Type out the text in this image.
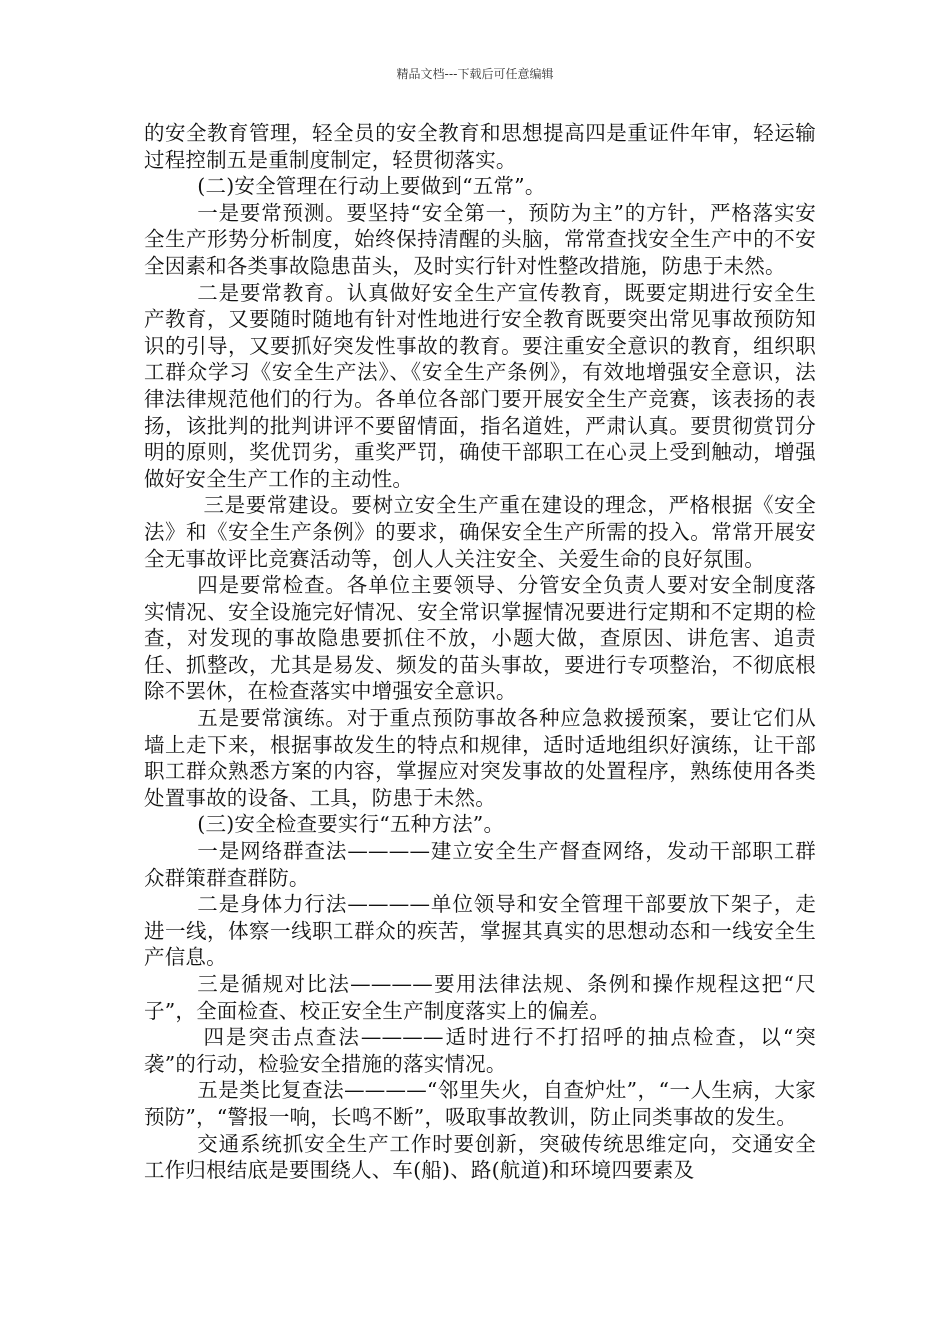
精品文档---下载后可任意编辑

的安全教育管理，轻全员的安全教育和思想提高四是重证件年审，轻运输过程控制五是重制度制定，轻贯彻落实。

(二)安全管理在行动上要做到“五常”。

一是要常预测。要坚持“安全第一，预防为主”的方针，严格落实安全生产形势分析制度，始终保持清醒的头脑，常常查找安全生产中的不安全因素和各类事故隐患苗头，及时实行针对性整改措施，防患于未然。

二是要常教育。认真做好安全生产宣传教育，既要定期进行安全生产教育，又要随时随地有针对性地进行安全教育既要突出常见事故预防知识的引导，又要抓好突发性事故的教育。要注重安全意识的教育，组织职工群众学习《安全生产法》、《安全生产条例》，有效地增强安全意识，法律法律规范他们的行为。各单位各部门要开展安全生产竞赛，该表扬的表扬，该批判的批判讲评不要留情面，指名道姓，严肃认真。要贯彻赏罚分明的原则，奖优罚劣，重奖严罚，确使干部职工在心灵上受到触动，增强做好安全生产工作的主动性。

三是要常建设。要树立安全生产重在建设的理念，严格根据《安全法》和《安全生产条例》的要求，确保安全生产所需的投入。常常开展安全无事故评比竞赛活动等，创人人关注安全、关爱生命的良好氛围。

四是要常检查。各单位主要领导、分管安全负责人要对安全制度落实情况、安全设施完好情况、安全常识掌握情况要进行定期和不定期的检查，对发现的事故隐患要抓住不放，小题大做，查原因、讲危害、追责任、抓整改，尤其是易发、频发的苗头事故，要进行专项整治，不彻底根除不罢休，在检查落实中增强安全意识。

五是要常演练。对于重点预防事故各种应急救援预案，要让它们从墙上走下来，根据事故发生的特点和规律，适时适地组织好演练，让干部职工群众熟悉方案的内容，掌握应对突发事故的处置程序，熟练使用各类处置事故的设备、工具，防患于未然。

(三)安全检查要实行“五种方法”。

一是网络群查法————建立安全生产督查网络，发动干部职工群众群策群查群防。

二是身体力行法————单位领导和安全管理干部要放下架子，走进一线，体察一线职工群众的疾苦，掌握其真实的思想动态和一线安全生产信息。

三是循规对比法————要用法律法规、条例和操作规程这把“尺子”，全面检查、校正安全生产制度落实上的偏差。

四是突击点查法————适时进行不打招呼的抽点检查，以“突袭”的行动，检验安全措施的落实情况。

五是类比复查法————“邻里失火，自查炉灶”，“一人生病，大家预防”，“警报一响，长鸣不断”，吸取事故教训，防止同类事故的发生。

交通系统抓安全生产工作时要创新，突破传统思维定向，交通安全工作归根结底是要围绕人、车(船)、路(航道)和环境四要素及
